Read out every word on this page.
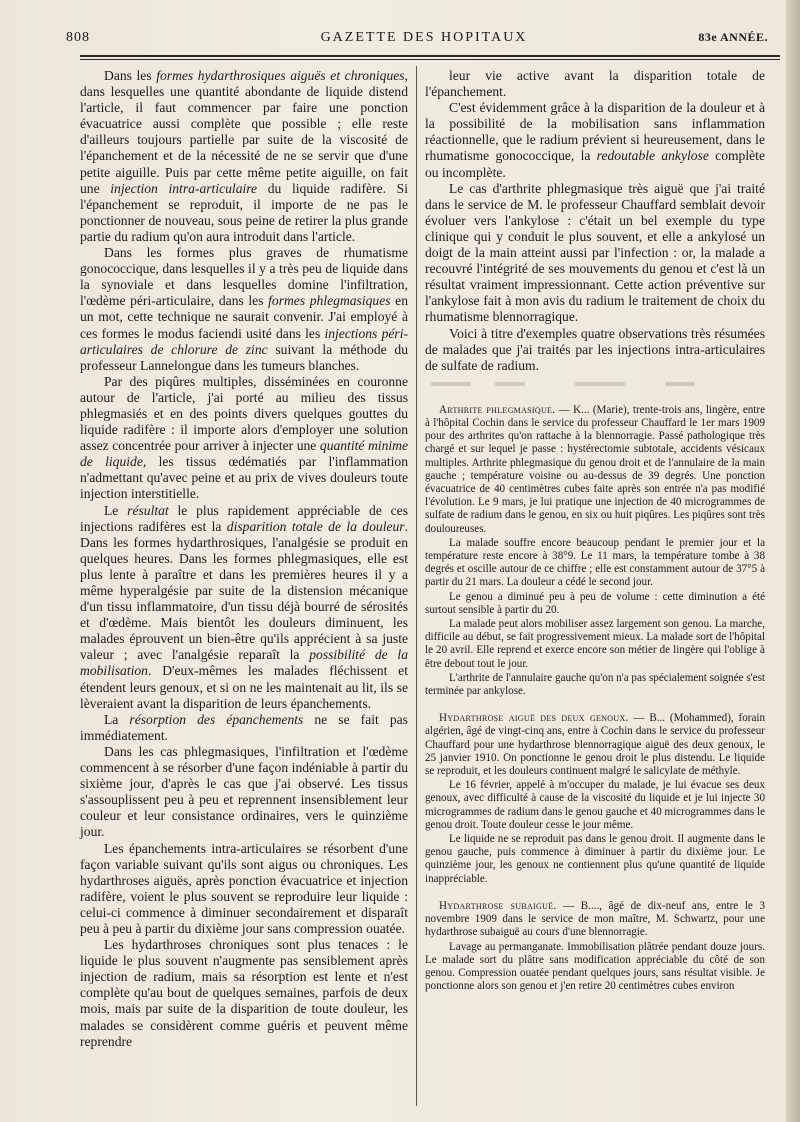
808	GAZETTE DES HOPITAUX	83e ANNÉE.

Dans les formes hydarthrosiques aiguës et chroniques, dans lesquelles une quantité abondante de liquide distend l'article, il faut commencer par faire une ponction évacuatrice aussi complète que possible ; elle reste d'ailleurs toujours partielle par suite de la viscosité de l'épanchement et de la nécessité de ne se servir que d'une petite aiguille. Puis par cette même petite aiguille, on fait une injection intra-articulaire du liquide radifère. Si l'épanchement se reproduit, il importe de ne pas le ponctionner de nouveau, sous peine de retirer la plus grande partie du radium qu'on aura introduit dans l'article.

Dans les formes plus graves de rhumatisme gonococcique, dans lesquelles il y a très peu de liquide dans la synoviale et dans lesquelles domine l'infiltration, l'œdème péri-articulaire, dans les formes phlegmasiques en un mot, cette technique ne saurait convenir. J'ai employé à ces formes le modus faciendi usité dans les injections péri-articulaires de chlorure de zinc suivant la méthode du professeur Lannelongue dans les tumeurs blanches.

Par des piqûres multiples, disséminées en couronne autour de l'article, j'ai porté au milieu des tissus phlegmasiés et en des points divers quelques gouttes du liquide radifère : il importe alors d'employer une solution assez concentrée pour arriver à injecter une quantité minime de liquide, les tissus œdématiés par l'inflammation n'admettant qu'avec peine et au prix de vives douleurs toute injection interstitielle.

Le résultat le plus rapidement appréciable de ces injections radifères est la disparition totale de la douleur. Dans les formes hydarthrosiques, l'analgésie se produit en quelques heures. Dans les formes phlegmasiques, elle est plus lente à paraître et dans les premières heures il y a même hyperalgésie par suite de la distension mécanique d'un tissu inflammatoire, d'un tissu déjà bourré de sérosités et d'œdème. Mais bientôt les douleurs diminuent, les malades éprouvent un bien-être qu'ils apprécient à sa juste valeur ; avec l'analgésie reparaît la possibilité de la mobilisation. D'eux-mêmes les malades fléchissent et étendent leurs genoux, et si on ne les maintenait au lit, ils se lèveraient avant la disparition de leurs épanchements.

La résorption des épanchements ne se fait pas immédiatement.

Dans les cas phlegmasiques, l'infiltration et l'œdème commencent à se résorber d'une façon indéniable à partir du sixième jour, d'après le cas que j'ai observé. Les tissus s'assouplissent peu à peu et reprennent insensiblement leur couleur et leur consistance ordinaires, vers le quinzième jour.

Les épanchements intra-articulaires se résorbent d'une façon variable suivant qu'ils sont aigus ou chroniques. Les hydarthroses aiguës, après ponction évacuatrice et injection radifère, voient le plus souvent se reproduire leur liquide : celui-ci commence à diminuer secondairement et disparaît peu à peu à partir du dixième jour sans compression ouatée.

Les hydarthroses chroniques sont plus tenaces : le liquide le plus souvent n'augmente pas sensiblement après injection de radium, mais sa résorption est lente et n'est complète qu'au bout de quelques semaines, parfois de deux mois, mais par suite de la disparition de toute douleur, les malades se considèrent comme guéris et peuvent même reprendre

leur vie active avant la disparition totale de l'épanchement.

C'est évidemment grâce à la disparition de la douleur et à la possibilité de la mobilisation sans inflammation réactionnelle, que le radium prévient si heureusement, dans le rhumatisme gonococcique, la redoutable ankylose complète ou incomplète.

Le cas d'arthrite phlegmasique très aiguë que j'ai traité dans le service de M. le professeur Chauffard semblait devoir évoluer vers l'ankylose : c'était un bel exemple du type clinique qui y conduit le plus souvent, et elle a ankylosé un doigt de la main atteint aussi par l'infection : or, la malade a recouvré l'intégrité de ses mouvements du genou et c'est là un résultat vraiment impressionnant. Cette action préventive sur l'ankylose fait à mon avis du radium le traitement de choix du rhumatisme blennorragique.

Voici à titre d'exemples quatre observations très résumées de malades que j'ai traités par les injections intra-articulaires de sulfate de radium.

Arthrite phlegmasique. — K... (Marie), trente-trois ans, lingère, entre à l'hôpital Cochin dans le service du professeur Chauffard le 1er mars 1909 pour des arthrites qu'on rattache à la blennorragie. Passé pathologique très chargé et sur lequel je passe : hystérectomie subtotale, accidents vésicaux multiples. Arthrite phlegmasique du genou droit et de l'annulaire de la main gauche ; température voisine ou au-dessus de 39 degrés. Une ponction évacuatrice de 40 centimètres cubes faite après son entrée n'a pas modifié l'évolution. Le 9 mars, je lui pratique une injection de 40 microgrammes de sulfate de radium dans le genou, en six ou huit piqûres. Les piqûres sont très douloureuses.

La malade souffre encore beaucoup pendant le premier jour et la température reste encore à 38°9. Le 11 mars, la température tombe à 38 degrés et oscille autour de ce chiffre ; elle est constamment autour de 37°5 à partir du 21 mars. La douleur a cédé le second jour.

Le genou a diminué peu à peu de volume : cette diminution a été surtout sensible à partir du 20.

La malade peut alors mobiliser assez largement son genou. La marche, difficile au début, se fait progressivement mieux. La malade sort de l'hôpital le 20 avril. Elle reprend et exerce encore son métier de lingère qui l'oblige à être debout tout le jour.

L'arthrite de l'annulaire gauche qu'on n'a pas spécialement soignée s'est terminée par ankylose.

Hydarthrose aiguë des deux genoux. — B... (Mohammed), forain algérien, âgé de vingt-cinq ans, entre à Cochin dans le service du professeur Chauffard pour une hydarthrose blennorragique aiguë des deux genoux, le 25 janvier 1910. On ponctionne le genou droit le plus distendu. Le liquide se reproduit, et les douleurs continuent malgré le salicylate de méthyle.

Le 16 février, appelé à m'occuper du malade, je lui évacue ses deux genoux, avec difficulté à cause de la viscosité du liquide et je lui injecte 30 microgrammes de radium dans le genou gauche et 40 microgrammes dans le genou droit. Toute douleur cesse le jour même.

Le liquide ne se reproduit pas dans le genou droit. Il augmente dans le genou gauche, puis commence à diminuer à partir du dixième jour. Le quinzième jour, les genoux ne contiennent plus qu'une quantité de liquide inappréciable.

Hydarthrose subaiguë. — B...., âgé de dix-neuf ans, entre le 3 novembre 1909 dans le service de mon maître, M. Schwartz, pour une hydarthrose subaiguë au cours d'une blennorragie.

Lavage au permanganate. Immobilisation plâtrée pendant douze jours. Le malade sort du plâtre sans modification appréciable du côté de son genou. Compression ouatée pendant quelques jours, sans résultat visible. Je ponctionne alors son genou et j'en retire 20 centimètres cubes environ
